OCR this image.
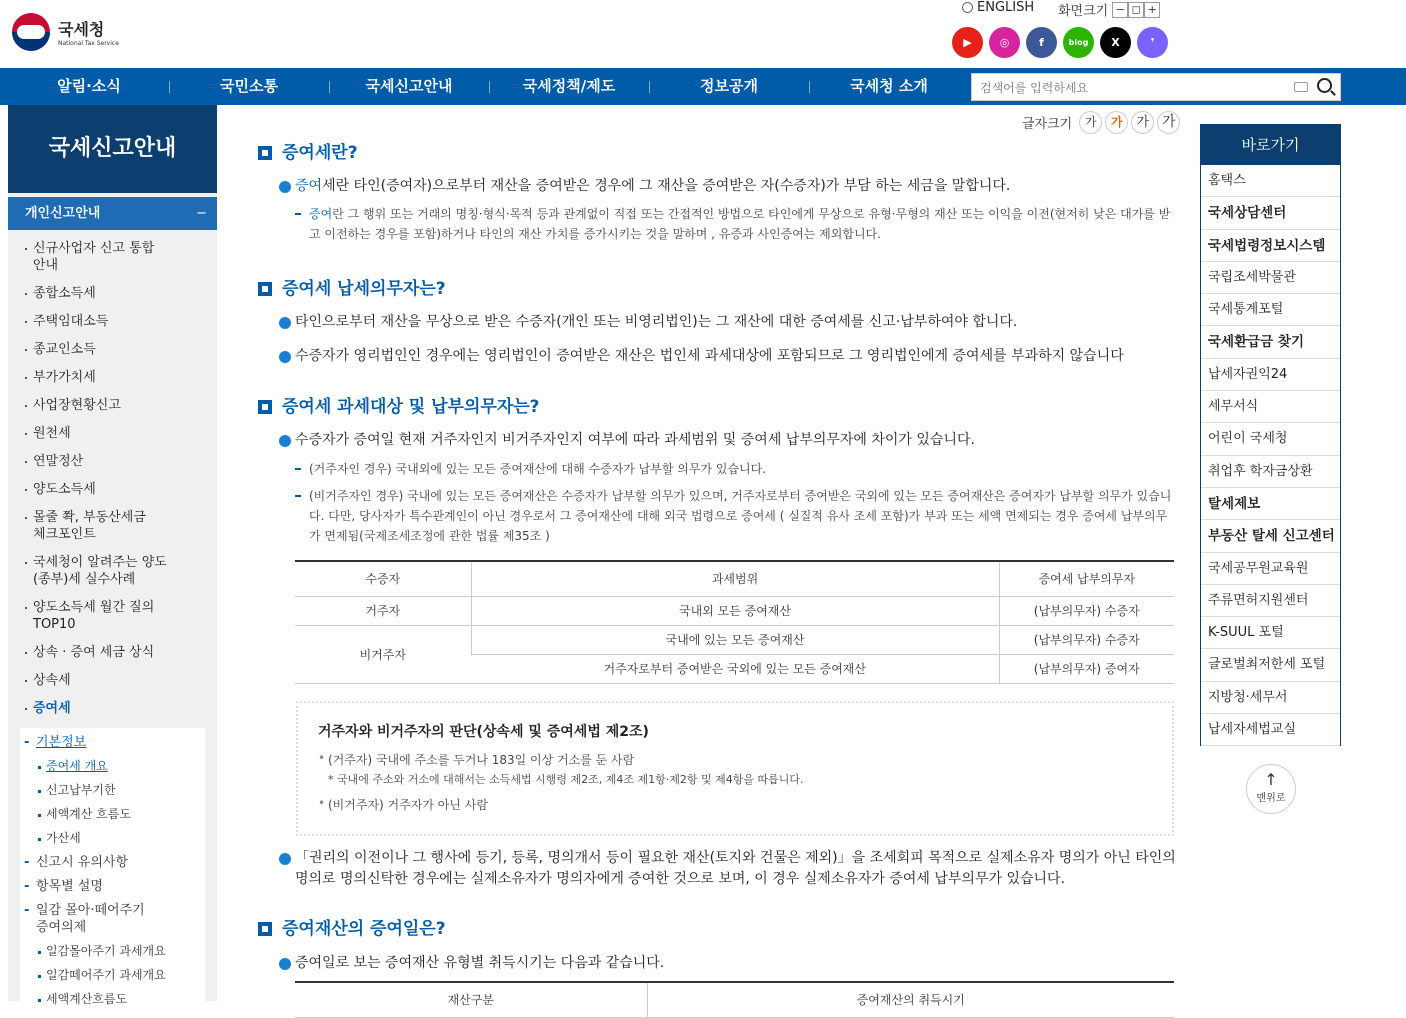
국세청
National Tax Service
ENGLISH 화면크기 − ◻ +
▶	◎	f	blog	X	❜
알림·소식	국민소통	국세신고안내	국세정책/제도	정보공개	국세청 소개
검색어를 입력하세요
국세신고안내
개인신고안내	−
신규사업자 신고 통합
안내
종합소득세
주택임대소득
종교인소득
부가가치세
사업장현황신고
원천세
연말정산
양도소득세
몰줄 쫙, 부동산세금
체크포인트
국세청이 알려주는 양도
(종부)세 실수사례
양도소득세 월간 질의
TOP10
상속 · 증여 세금 상식
상속세
증여세
- 기본정보
증여세 개요
신고납부기한
세액계산 흐름도
가산세
- 신고시 유의사항
- 항목별 설명
- 일감 몰아·떼어주기
증여의제
일감몰아주기 과세개요
일감떼어주기 과세개요
세액계산흐름도
글자크기	가	가	가 가
증여세란?
증여세란 타인(증여자)으로부터 재산을 증여받은 경우에 그 재산을 증여받은 자(수증자)가 부담 하는 세금을 말합니다.
증여란 그 행위 또는 거래의 명칭·형식·목적 등과 관계없이 직접 또는 간접적인 방법으로 타인에게 무상으로 유형·무형의 재산 또는 이익을 이전(현저히 낮은 대가를 받고 이전하는 경우를 포함)하거나 타인의 재산 가치를 증가시키는 것을 말하며 , 유증과 사인증여는 제외합니다.
증여세 납세의무자는?
타인으로부터 재산을 무상으로 받은 수증자(개인 또는 비영리법인)는 그 재산에 대한 증여세를 신고·납부하여야 합니다.
수증자가 영리법인인 경우에는 영리법인이 증여받은 재산은 법인세 과세대상에 포함되므로 그 영리법인에게 증여세를 부과하지 않습니다
증여세 과세대상 및 납부의무자는?
수증자가 증여일 현재 거주자인지 비거주자인지 여부에 따라 과세범위 및 증여세 납부의무자에 차이가 있습니다.
(거주자인 경우) 국내외에 있는 모든 증여재산에 대해 수증자가 납부할 의무가 있습니다.
(비거주자인 경우) 국내에 있는 모든 증여재산은 수증자가 납부할 의무가 있으며, 거주자로부터 증여받은 국외에 있는 모든 증여재산은 증여자가 납부할 의무가 있습니다. 다만, 당사자가 특수관계인이 아닌 경우로서 그 증여재산에 대해 외국 법령으로 증여세 ( 실질적 유사 조세 포함)가 부과 또는 세액 면제되는 경우 증여세 납부의무가 면제됨(국제조세조정에 관한 법률 제35조 )
수증자	과세범위	증여세 납부의무자
거주자	국내외 모든 증여재산	(납부의무자) 수증자
비거주자	국내에 있는 모든 증여재산	(납부의무자) 수증자
	거주자로부터 증여받은 국외에 있는 모든 증여재산	(납부의무자) 증여자
거주자와 비거주자의 판단(상속세 및 증여세법 제2조)
• (거주자) 국내에 주소를 두거나 183일 이상 거소를 둔 사람
* 국내에 주소와 거소에 대해서는 소득세법 시행령 제2조, 제4조 제1항·제2항 및 제4항을 따릅니다.
• (비거주자) 거주자가 아닌 사람
「권리의 이전이나 그 행사에 등기, 등록, 명의개서 등이 필요한 재산(토지와 건물은 제외)」을 조세회피 목적으로 실제소유자 명의가 아닌 타인의 명의로 명의신탁한 경우에는 실제소유자가 명의자에게 증여한 것으로 보며, 이 경우 실제소유자가 증여세 납부의무가 있습니다.
증여재산의 증여일은?
증여일로 보는 증여재산 유형별 취득시기는 다음과 같습니다.
재산구분	증여재산의 취득시기
바로가기
홈택스
국세상담센터
국세법령정보시스템
국립조세박물관
국세통계포털
국세환급금 찾기
납세자권익24
세무서식
어린이 국세청
취업후 학자금상환
탈세제보
부동산 탈세 신고센터
국세공무원교육원
주류면허지원센터
K-SUUL 포털
글로벌최저한세 포털
지방청·세무서
납세자세법교실
↑
맨위로
